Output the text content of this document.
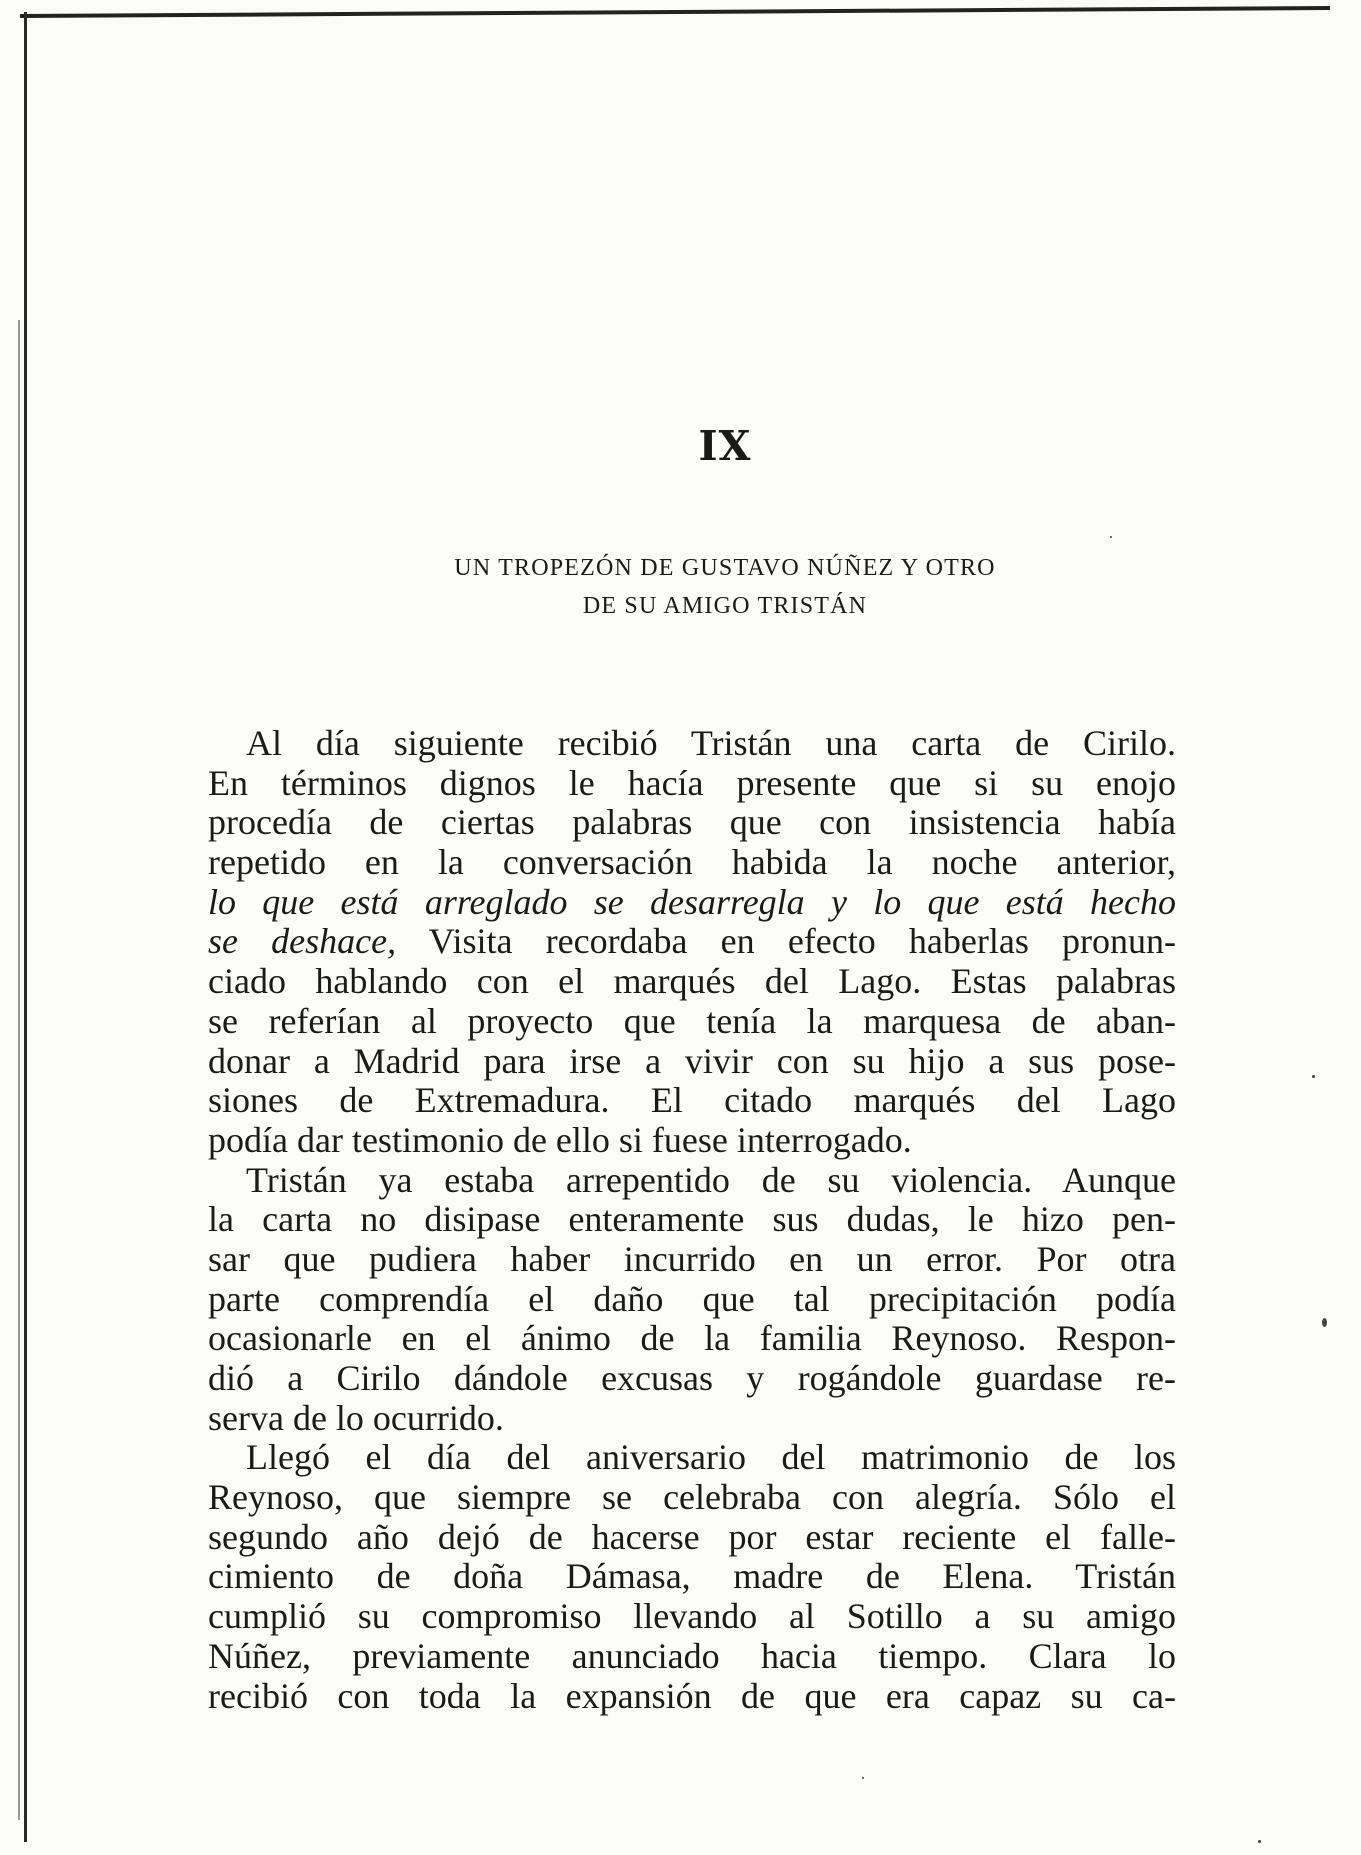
IX
UN TROPEZÓN DE GUSTAVO NÚÑEZ Y OTRO
DE SU AMIGO TRISTÁN
Al día siguiente recibió Tristán una carta de Cirilo.
En términos dignos le hacía presente que si su enojo
procedía de ciertas palabras que con insistencia había
repetido en la conversación habida la noche anterior,
lo que está arreglado se desarregla y lo que está hecho
se deshace, Visita recordaba en efecto haberlas pronun-
ciado hablando con el marqués del Lago. Estas palabras
se referían al proyecto que tenía la marquesa de aban-
donar a Madrid para irse a vivir con su hijo a sus pose-
siones de Extremadura. El citado marqués del Lago
podía dar testimonio de ello si fuese interrogado.
Tristán ya estaba arrepentido de su violencia. Aunque
la carta no disipase enteramente sus dudas, le hizo pen-
sar que pudiera haber incurrido en un error. Por otra
parte comprendía el daño que tal precipitación podía
ocasionarle en el ánimo de la familia Reynoso. Respon-
dió a Cirilo dándole excusas y rogándole guardase re-
serva de lo ocurrido.
Llegó el día del aniversario del matrimonio de los
Reynoso, que siempre se celebraba con alegría. Sólo el
segundo año dejó de hacerse por estar reciente el falle-
cimiento de doña Dámasa, madre de Elena. Tristán
cumplió su compromiso llevando al Sotillo a su amigo
Núñez, previamente anunciado hacia tiempo. Clara lo
recibió con toda la expansión de que era capaz su ca-
